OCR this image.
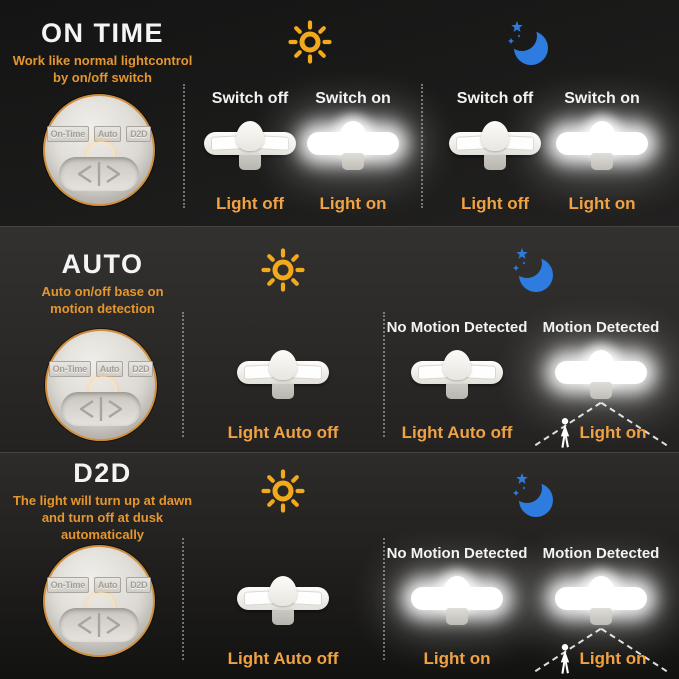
ON TIME
Work like normal lightcontrol
by on/off switch
On-Time	Auto	D2D
Switch off
Light off
Switch on
Light on
Switch off
Light off
Switch on
Light on
AUTO
Auto on/off base on
motion detection
On-Time	Auto	D2D
Light Auto off
No Motion Detected
Light Auto off
Motion Detected
Light on
D2D
The light will turn up at dawn
and turn off at dusk automatically
On-Time	Auto	D2D
Light Auto off
No Motion Detected
Light on
Motion Detected
Light on
